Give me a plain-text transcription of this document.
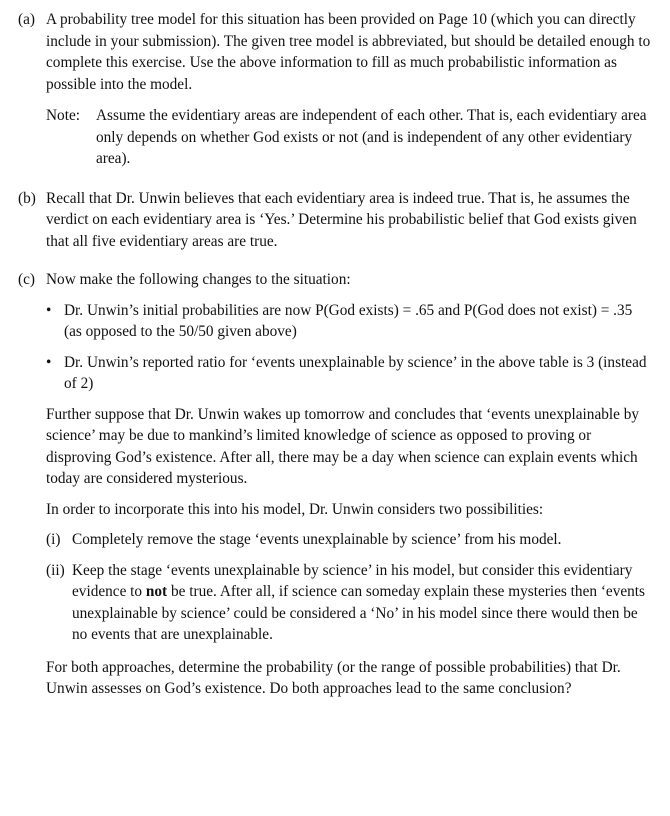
(a) A probability tree model for this situation has been provided on Page 10 (which you can directly include in your submission). The given tree model is abbreviated, but should be detailed enough to complete this exercise. Use the above information to fill as much probabilistic information as possible into the model.

Note: Assume the evidentiary areas are independent of each other. That is, each evidentiary area only depends on whether God exists or not (and is independent of any other evidentiary area).

(b) Recall that Dr. Unwin believes that each evidentiary area is indeed true. That is, he assumes the verdict on each evidentiary area is ‘Yes.’ Determine his probabilistic belief that God exists given that all five evidentiary areas are true.

(c) Now make the following changes to the situation:

• Dr. Unwin’s initial probabilities are now P(God exists) = .65 and P(God does not exist) = .35 (as opposed to the 50/50 given above)
• Dr. Unwin’s reported ratio for ‘events unexplainable by science’ in the above table is 3 (instead of 2)

Further suppose that Dr. Unwin wakes up tomorrow and concludes that ‘events unexplainable by science’ may be due to mankind’s limited knowledge of science as opposed to proving or disproving God’s existence. After all, there may be a day when science can explain events which today are considered mysterious.

In order to incorporate this into his model, Dr. Unwin considers two possibilities:

(i) Completely remove the stage ‘events unexplainable by science’ from his model.

(ii) Keep the stage ‘events unexplainable by science’ in his model, but consider this evidentiary evidence to not be true. After all, if science can someday explain these mysteries then ‘events unexplainable by science’ could be considered a ‘No’ in his model since there would then be no events that are unexplainable.

For both approaches, determine the probability (or the range of possible probabilities) that Dr. Unwin assesses on God’s existence. Do both approaches lead to the same conclusion?
